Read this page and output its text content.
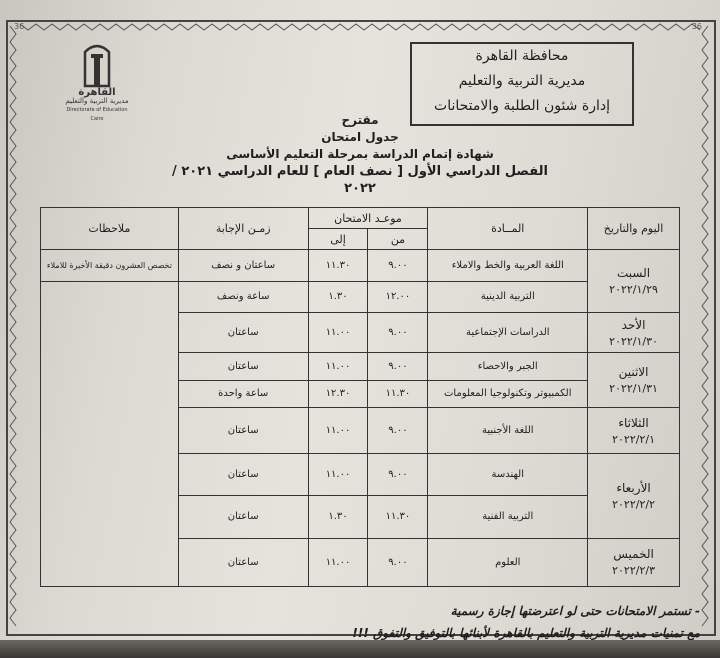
36
36
محافظة القاهرة
مديرية التربية والتعليم
إدارة شئون الطلبة والامتحانات
القاهرة
مديرية التربية والتعليم
Directorate of Education Cairo	مقترح
جدول امتحان
شهادة إتمام الدراسة بمرحلة التعليم الأساسى
الفصل الدراسي الأول [ نصف العام ] للعام الدراسي ٢٠٢١ / ٢٠٢٢
اليوم والتاريخ	المــادة	موعـد الامتحان		زمـن الإجابة	ملاحظات
		من	إلى		

السبت
٢٠٢٢/١/٢٩	اللغة العربية والخط والاملاء	٩.٠٠	١١.٣٠	ساعتان و نصف	تخصص العشرون دقيقة الأخيرة للاملاء
	التربية الدينية	١٢.٠٠	١.٣٠	ساعة ونصف	

الأحد
٢٠٢٢/١/٣٠	الدراسات الإجتماعية	٩.٠٠	١١.٠٠	ساعتان	

الاثنين
٢٠٢٢/١/٣١	الجبر والاحصاء	٩.٠٠	١١.٠٠	ساعتان	
	الكمبيوتر وتكنولوجيا المعلومات	١١.٣٠	١٢.٣٠	ساعة واحدة	

الثلاثاء
٢٠٢٢/٢/١	اللغة الأجنبية	٩.٠٠	١١.٠٠	ساعتان	

الأربعاء
٢٠٢٢/٢/٢	الهندسة	٩.٠٠	١١.٠٠	ساعتان	
	التربية الفنية	١١.٣٠	١.٣٠	ساعتان	

الخميس
٢٠٢٢/٢/٣	العلوم	٩.٠٠	١١.٠٠	ساعتان	
- تستمر الامتحانات حتى لو اعترضتها إجازة رسمية
مع تمنيات مديرية التربية والتعليم بالقاهرة لأبنائها بالتوفيق والتفوق !!!
